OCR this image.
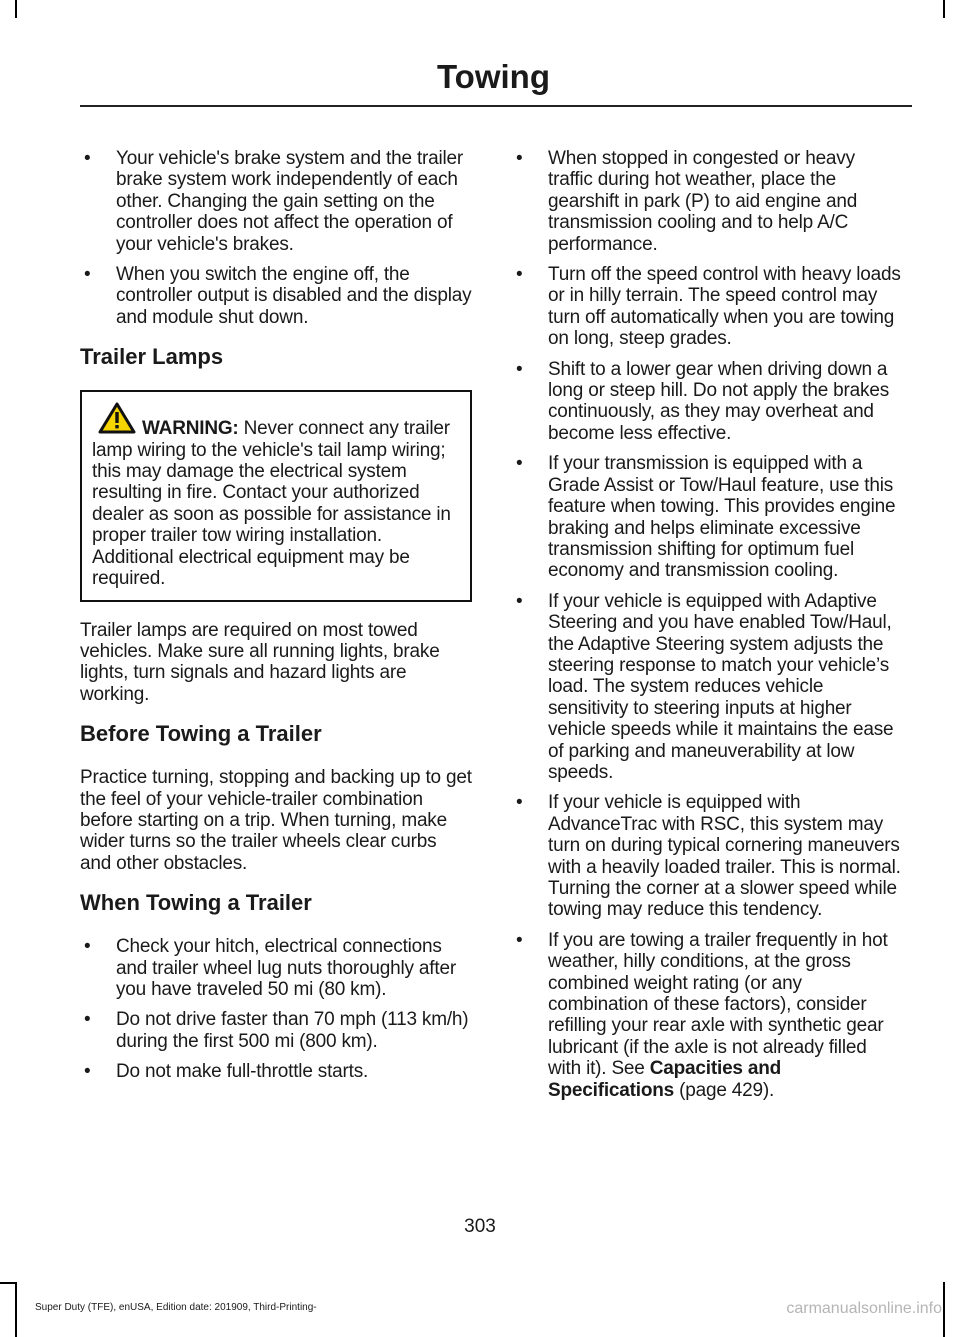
Towing
• Your vehicle's brake system and the trailer brake system work independently of each other. Changing the gain setting on the controller does not affect the operation of your vehicle's brakes.
• When you switch the engine off, the controller output is disabled and the display and module shut down.
Trailer Lamps
WARNING: Never connect any trailer lamp wiring to the vehicle's tail lamp wiring; this may damage the electrical system resulting in fire. Contact your authorized dealer as soon as possible for assistance in proper trailer tow wiring installation. Additional electrical equipment may be required.

Trailer lamps are required on most towed vehicles. Make sure all running lights, brake lights, turn signals and hazard lights are working.

Before Towing a Trailer

Practice turning, stopping and backing up to get the feel of your vehicle-trailer combination before starting on a trip. When turning, make wider turns so the trailer wheels clear curbs and other obstacles.

When Towing a Trailer
• Check your hitch, electrical connections and trailer wheel lug nuts thoroughly after you have traveled 50 mi (80 km).
• Do not drive faster than 70 mph (113 km/h) during the first 500 mi (800 km).
• Do not make full-throttle starts.
• When stopped in congested or heavy traffic during hot weather, place the gearshift in park (P) to aid engine and transmission cooling and to help A/C performance.
• Turn off the speed control with heavy loads or in hilly terrain. The speed control may turn off automatically when you are towing on long, steep grades.
• Shift to a lower gear when driving down a long or steep hill. Do not apply the brakes continuously, as they may overheat and become less effective.
• If your transmission is equipped with a Grade Assist or Tow/Haul feature, use this feature when towing. This provides engine braking and helps eliminate excessive transmission shifting for optimum fuel economy and transmission cooling.
• If your vehicle is equipped with Adaptive Steering and you have enabled Tow/Haul, the Adaptive Steering system adjusts the steering response to match your vehicle’s load. The system reduces vehicle sensitivity to steering inputs at higher vehicle speeds while it maintains the ease of parking and maneuverability at low speeds.
• If your vehicle is equipped with AdvanceTrac with RSC, this system may turn on during typical cornering maneuvers with a heavily loaded trailer. This is normal. Turning the corner at a slower speed while towing may reduce this tendency.
• If you are towing a trailer frequently in hot weather, hilly conditions, at the gross combined weight rating (or any combination of these factors), consider refilling your rear axle with synthetic gear lubricant (if the axle is not already filled with it). See Capacities and Specifications (page 429).
303
Super Duty (TFE), enUSA, Edition date: 201909, Third-Printing-	carmanualsonline.info
